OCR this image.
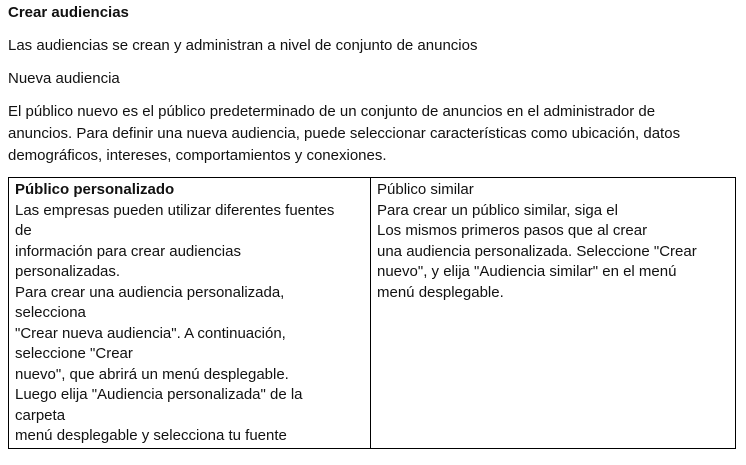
Crear audiencias
Las audiencias se crean y administran a nivel de conjunto de anuncios
Nueva audiencia
El público nuevo es el público predeterminado de un conjunto de anuncios en el administrador de
anuncios. Para definir una nueva audiencia, puede seleccionar características como ubicación, datos
demográficos, intereses, comportamientos y conexiones.
Público personalizado
Las empresas pueden utilizar diferentes fuentes
de
información para crear audiencias
personalizadas.
Para crear una audiencia personalizada,
selecciona
"Crear nueva audiencia". A continuación,
seleccione "Crear
nuevo", que abrirá un menú desplegable.
Luego elija "Audiencia personalizada" de la
carpeta
menú desplegable y selecciona tu fuente
Público similar
Para crear un público similar, siga el
Los mismos primeros pasos que al crear
una audiencia personalizada. Seleccione "Crear
nuevo", y elija "Audiencia similar" en el menú
menú desplegable.
